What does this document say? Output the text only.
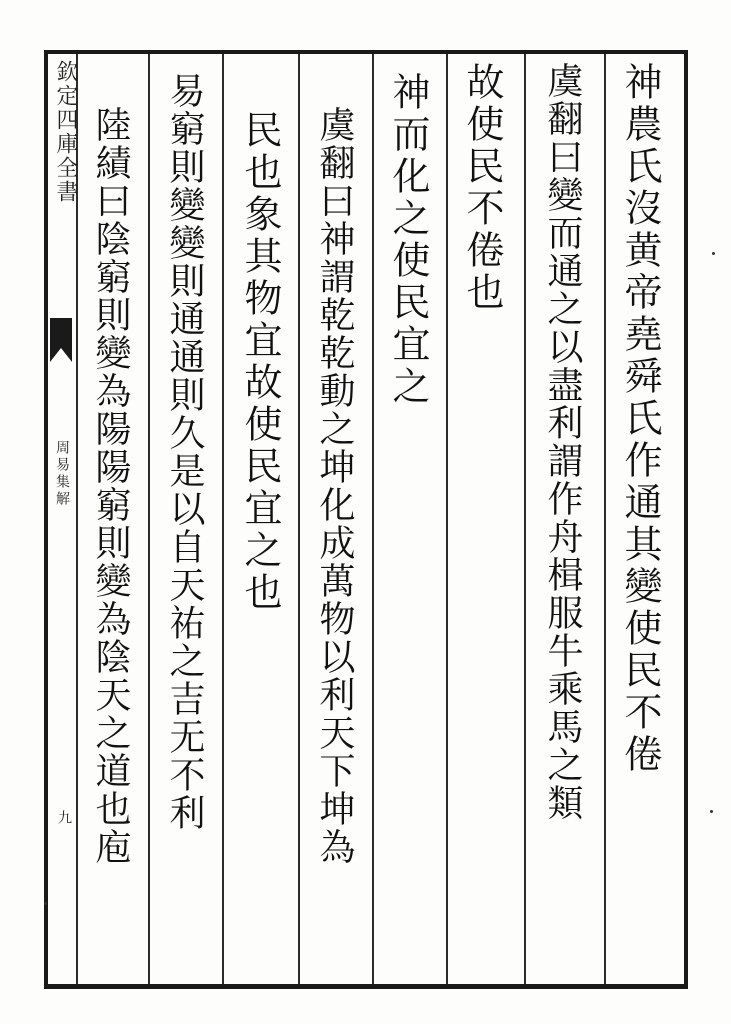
神農氏沒黄帝堯舜氏作通其變使民不倦
虞翻曰變而通之以盡利謂作舟楫服牛乘馬之類
故使民不倦也
神而化之使民宜之
虞翻曰神謂乾乾動之坤化成萬物以利天下坤為
民也象其物宜故使民宜之也
易窮則變變則通通則久是以自天祐之吉无不利
陸績曰陰窮則變為陽陽窮則變為陰天之道也庖
欽定四庫全書
周易集解
九
